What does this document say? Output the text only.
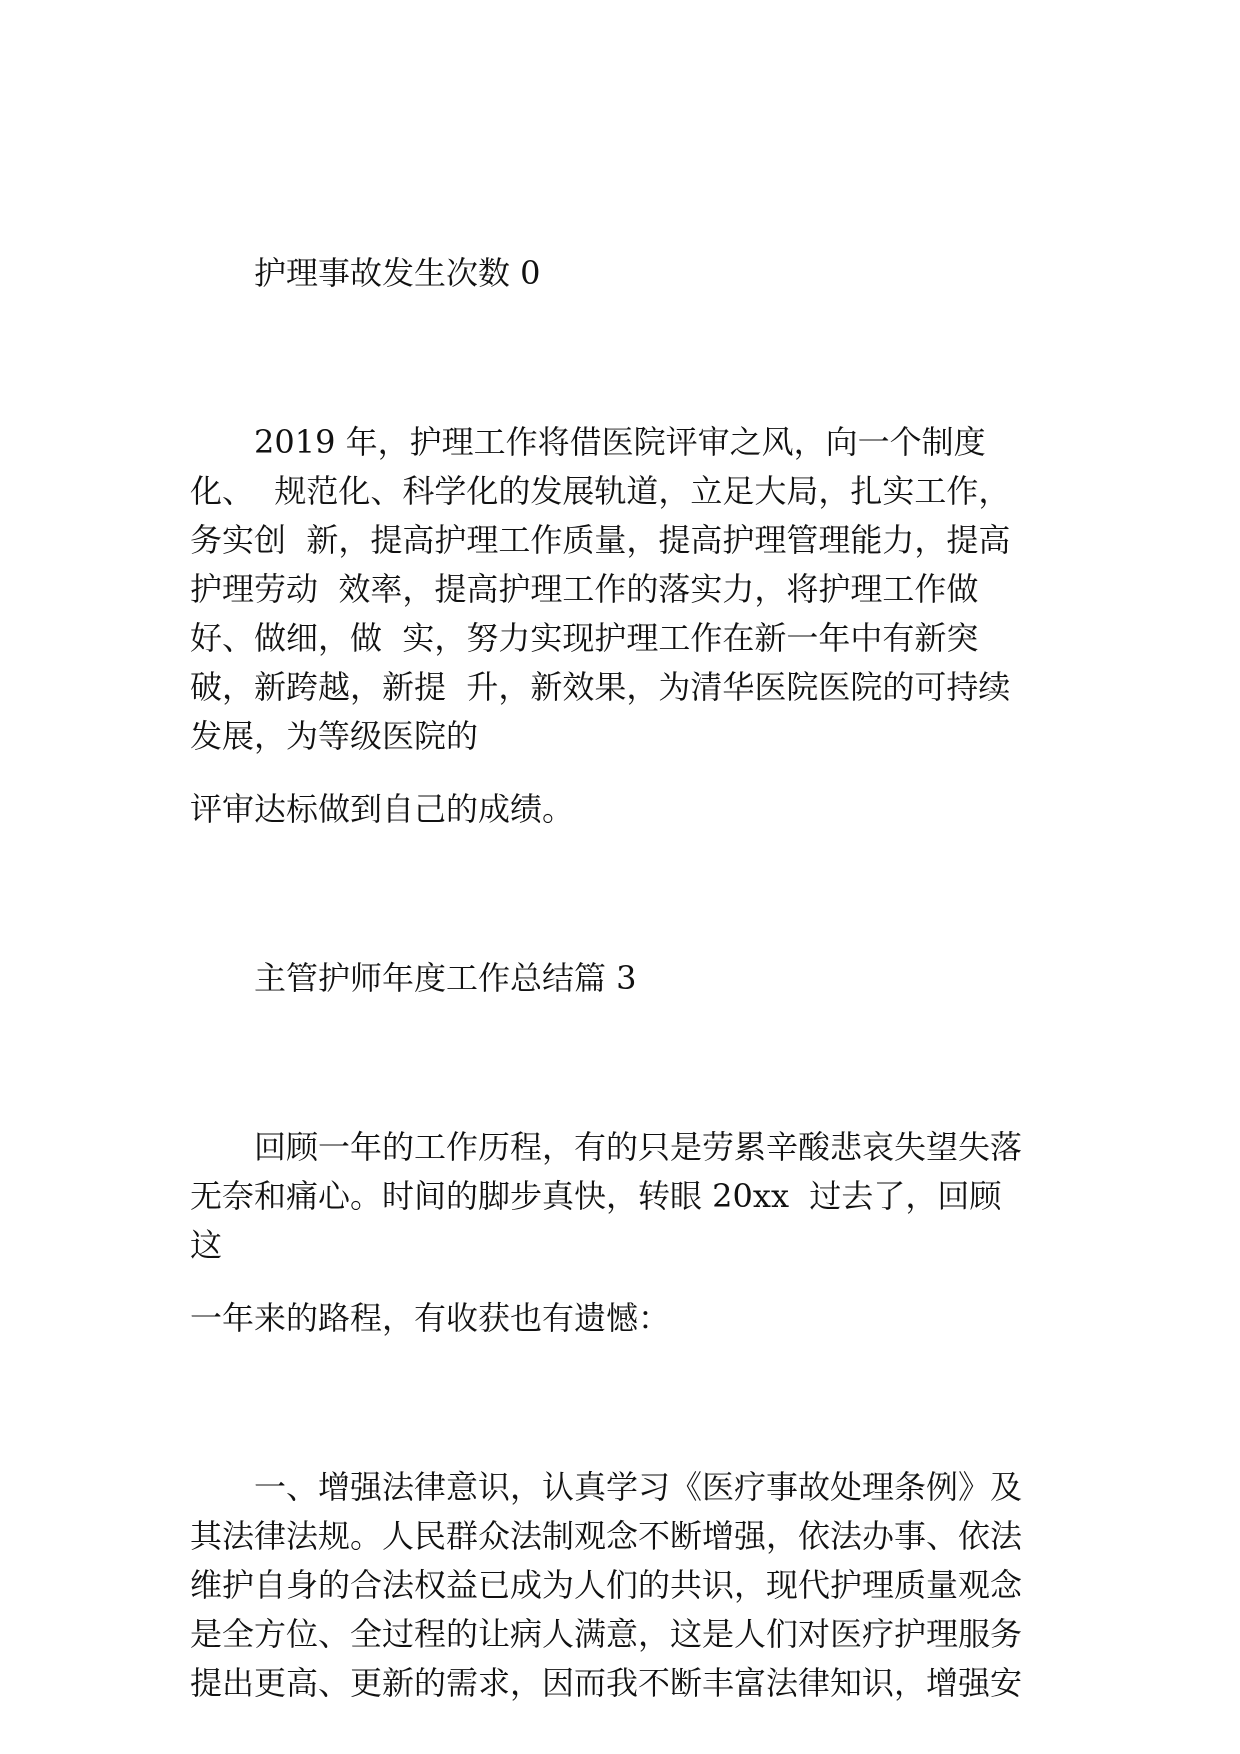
　　护理事故发生次数 0

　　2019 年，护理工作将借医院评审之风，向一个制度

化、  规范化、科学化的发展轨道，立足大局，扎实工作，

务实创  新，提高护理工作质量，提高护理管理能力，提高

护理劳动  效率，提高护理工作的落实力，将护理工作做

好、做细，做  实，努力实现护理工作在新一年中有新突

破，新跨越，新提  升，新效果，为清华医院医院的可持续

发展，为等级医院的

评审达标做到自己的成绩。

　　主管护师年度工作总结篇 3

　　回顾一年的工作历程，有的只是劳累辛酸悲哀失望失落

无奈和痛心。时间的脚步真快，转眼 20xx  过去了，回顾

这

一年来的路程，有收获也有遗憾：

　　一、增强法律意识，认真学习《医疗事故处理条例》及

其法律法规。人民群众法制观念不断增强，依法办事、依法

维护自身的合法权益已成为人们的共识，现代护理质量观念

是全方位、全过程的让病人满意，这是人们对医疗护理服务

提出更高、更新的需求，因而我不断丰富法律知识，增强安
